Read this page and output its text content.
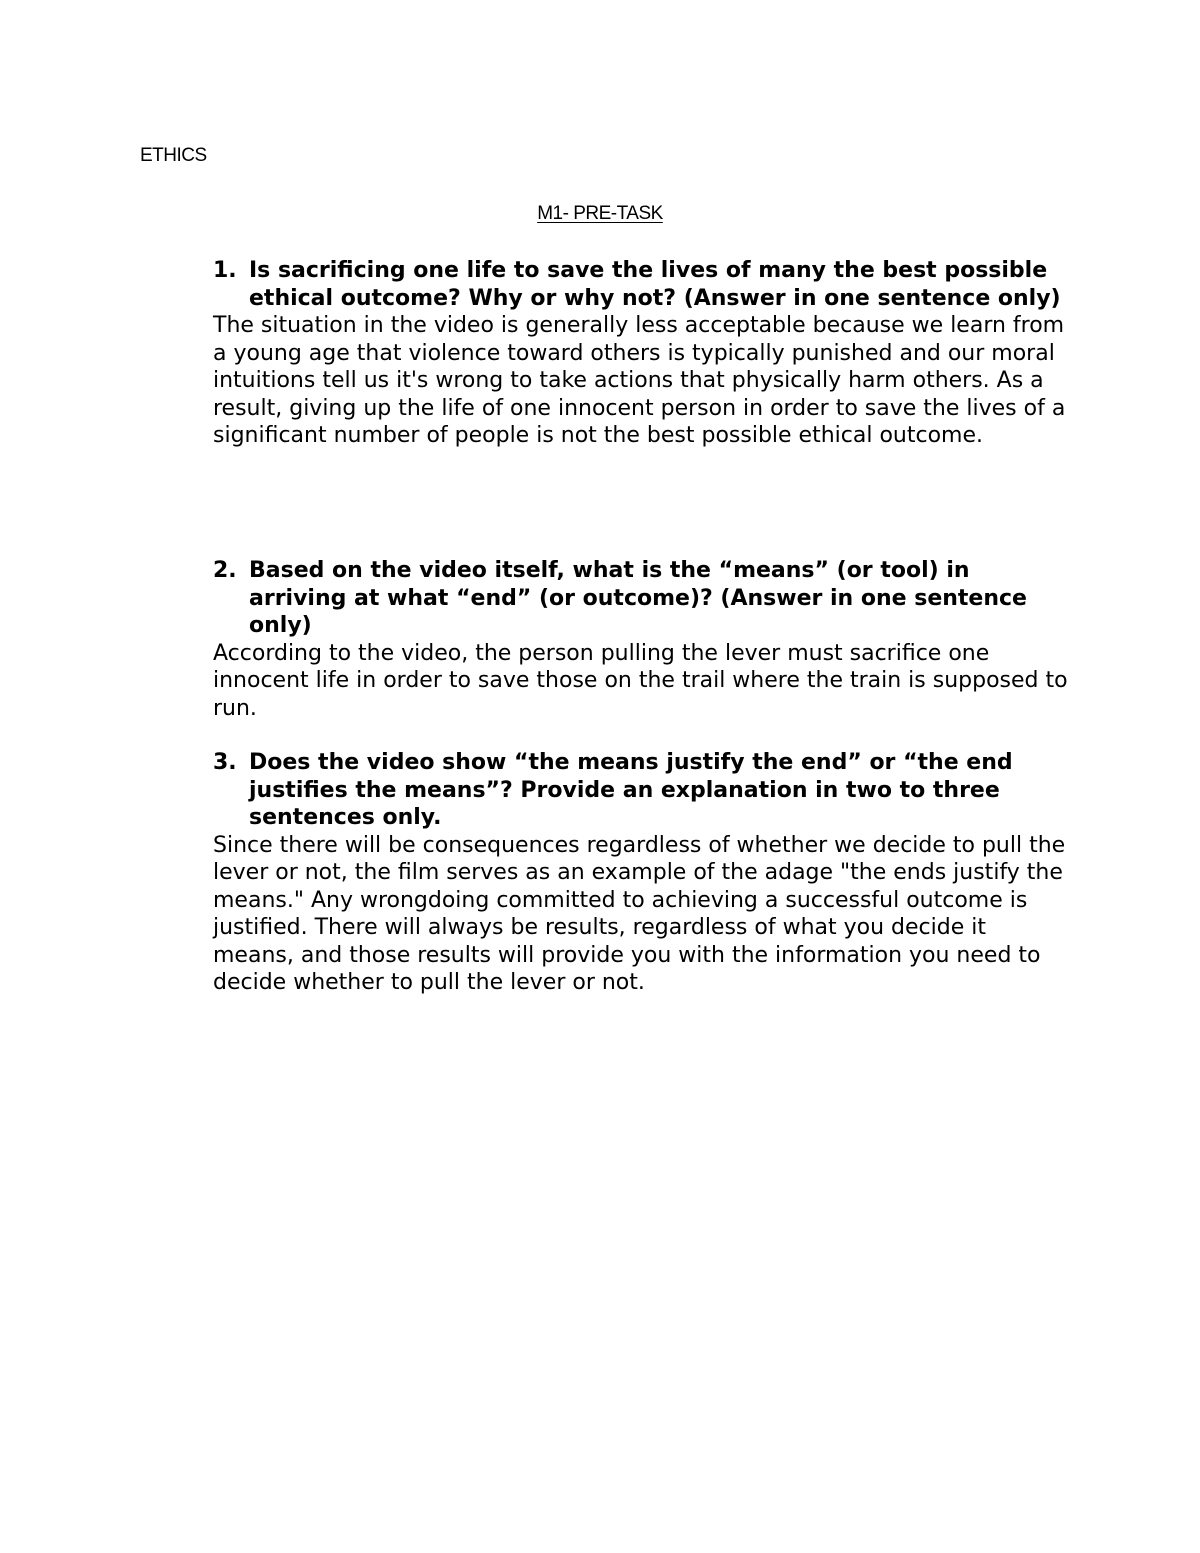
ETHICS
M1- PRE-TASK

1. Is sacrificing one life to save the lives of many the best possible ethical outcome? Why or why not? (Answer in one sentence only)

The situation in the video is generally less acceptable because we learn from a young age that violence toward others is typically punished and our moral intuitions tell us it's wrong to take actions that physically harm others. As a result, giving up the life of one innocent person in order to save the lives of a significant number of people is not the best possible ethical outcome.

2. Based on the video itself, what is the “means” (or tool) in arriving at what “end” (or outcome)? (Answer in one sentence only)

According to the video, the person pulling the lever must sacrifice one innocent life in order to save those on the trail where the train is supposed to run.

3. Does the video show “the means justify the end” or “the end justifies the means”? Provide an explanation in two to three sentences only.

Since there will be consequences regardless of whether we decide to pull the lever or not, the film serves as an example of the adage "the ends justify the means." Any wrongdoing committed to achieving a successful outcome is justified. There will always be results, regardless of what you decide it means, and those results will provide you with the information you need to decide whether to pull the lever or not.
